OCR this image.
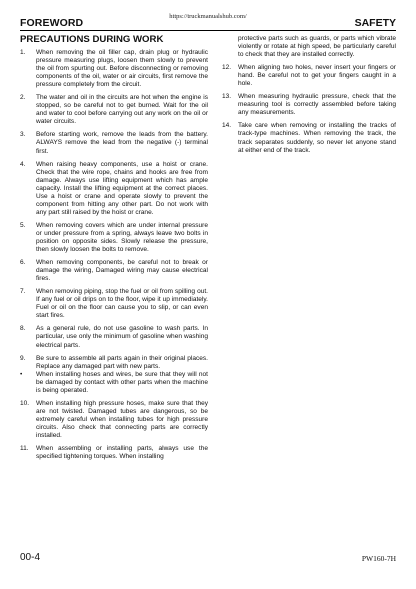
https://truckmanualshub.com/
FOREWORD	SAFETY
PRECAUTIONS DURING WORK
1.	When removing the oil filler cap, drain plug or hydraulic pressure measuring plugs, loosen them slowly to prevent the oil from spurting out. Before disconnecting or removing components of the oil, water or air circuits, first remove the pressure completely from the circuit.
2.	The water and oil in the circuits are hot when the engine is stopped, so be careful not to get burned. Wait for the oil and water to cool before carrying out any work on the oil or water circuits.
3.	Before starting work, remove the leads from the battery. ALWAYS remove the lead from the negative (-) terminal first.
4.	When raising heavy components, use a hoist or crane. Check that the wire rope, chains and hooks are free from damage. Always use lifting equipment which has ample capacity. Install the lifting equipment at the correct places. Use a hoist or crane and operate slowly to prevent the component from hitting any other part. Do not work with any part still raised by the hoist or crane.
5.	When removing covers which are under internal pressure or under pressure from a spring, always leave two bolts in position on opposite sides. Slowly release the pressure, then slowly loosen the bolts to remove.
6.	When removing components, be careful not to break or damage the wiring, Damaged wiring may cause electrical fires.
7.	When removing piping, stop the fuel or oil from spilling out. If any fuel or oil drips on to the floor, wipe it up immediately. Fuel or oil on the floor can cause you to slip, or can even start fires.
8.	As a general rule, do not use gasoline to wash parts. In particular, use only the minimum of gasoline when washing electrical parts.
9.	Be sure to assemble all parts again in their original places. Replace any damaged part with new parts.
•	When installing hoses and wires, be sure that they will not be damaged by contact with other parts when the machine is being operated.
10.	When installing high pressure hoses, make sure that they are not twisted. Damaged tubes are dangerous, so be extremely careful when installing tubes for high pressure circuits. Also check that connecting parts are correctly installed.
11.	When assembling or installing parts, always use the specified tightening torques. When installing
protective parts such as guards, or parts which vibrate violently or rotate at high speed, be particularly careful to check that they are installed correctly.
12.	When aligning two holes, never insert your fingers or hand. Be careful not to get your fingers caught in a hole.
13.	When measuring hydraulic pressure, check that the measuring tool is correctly assembled before taking any measurements.
14.	Take care when removing or installing the tracks of track-type machines. When removing the track, the track separates suddenly, so never let anyone stand at either end of the track.
00-4	PW160-7H
